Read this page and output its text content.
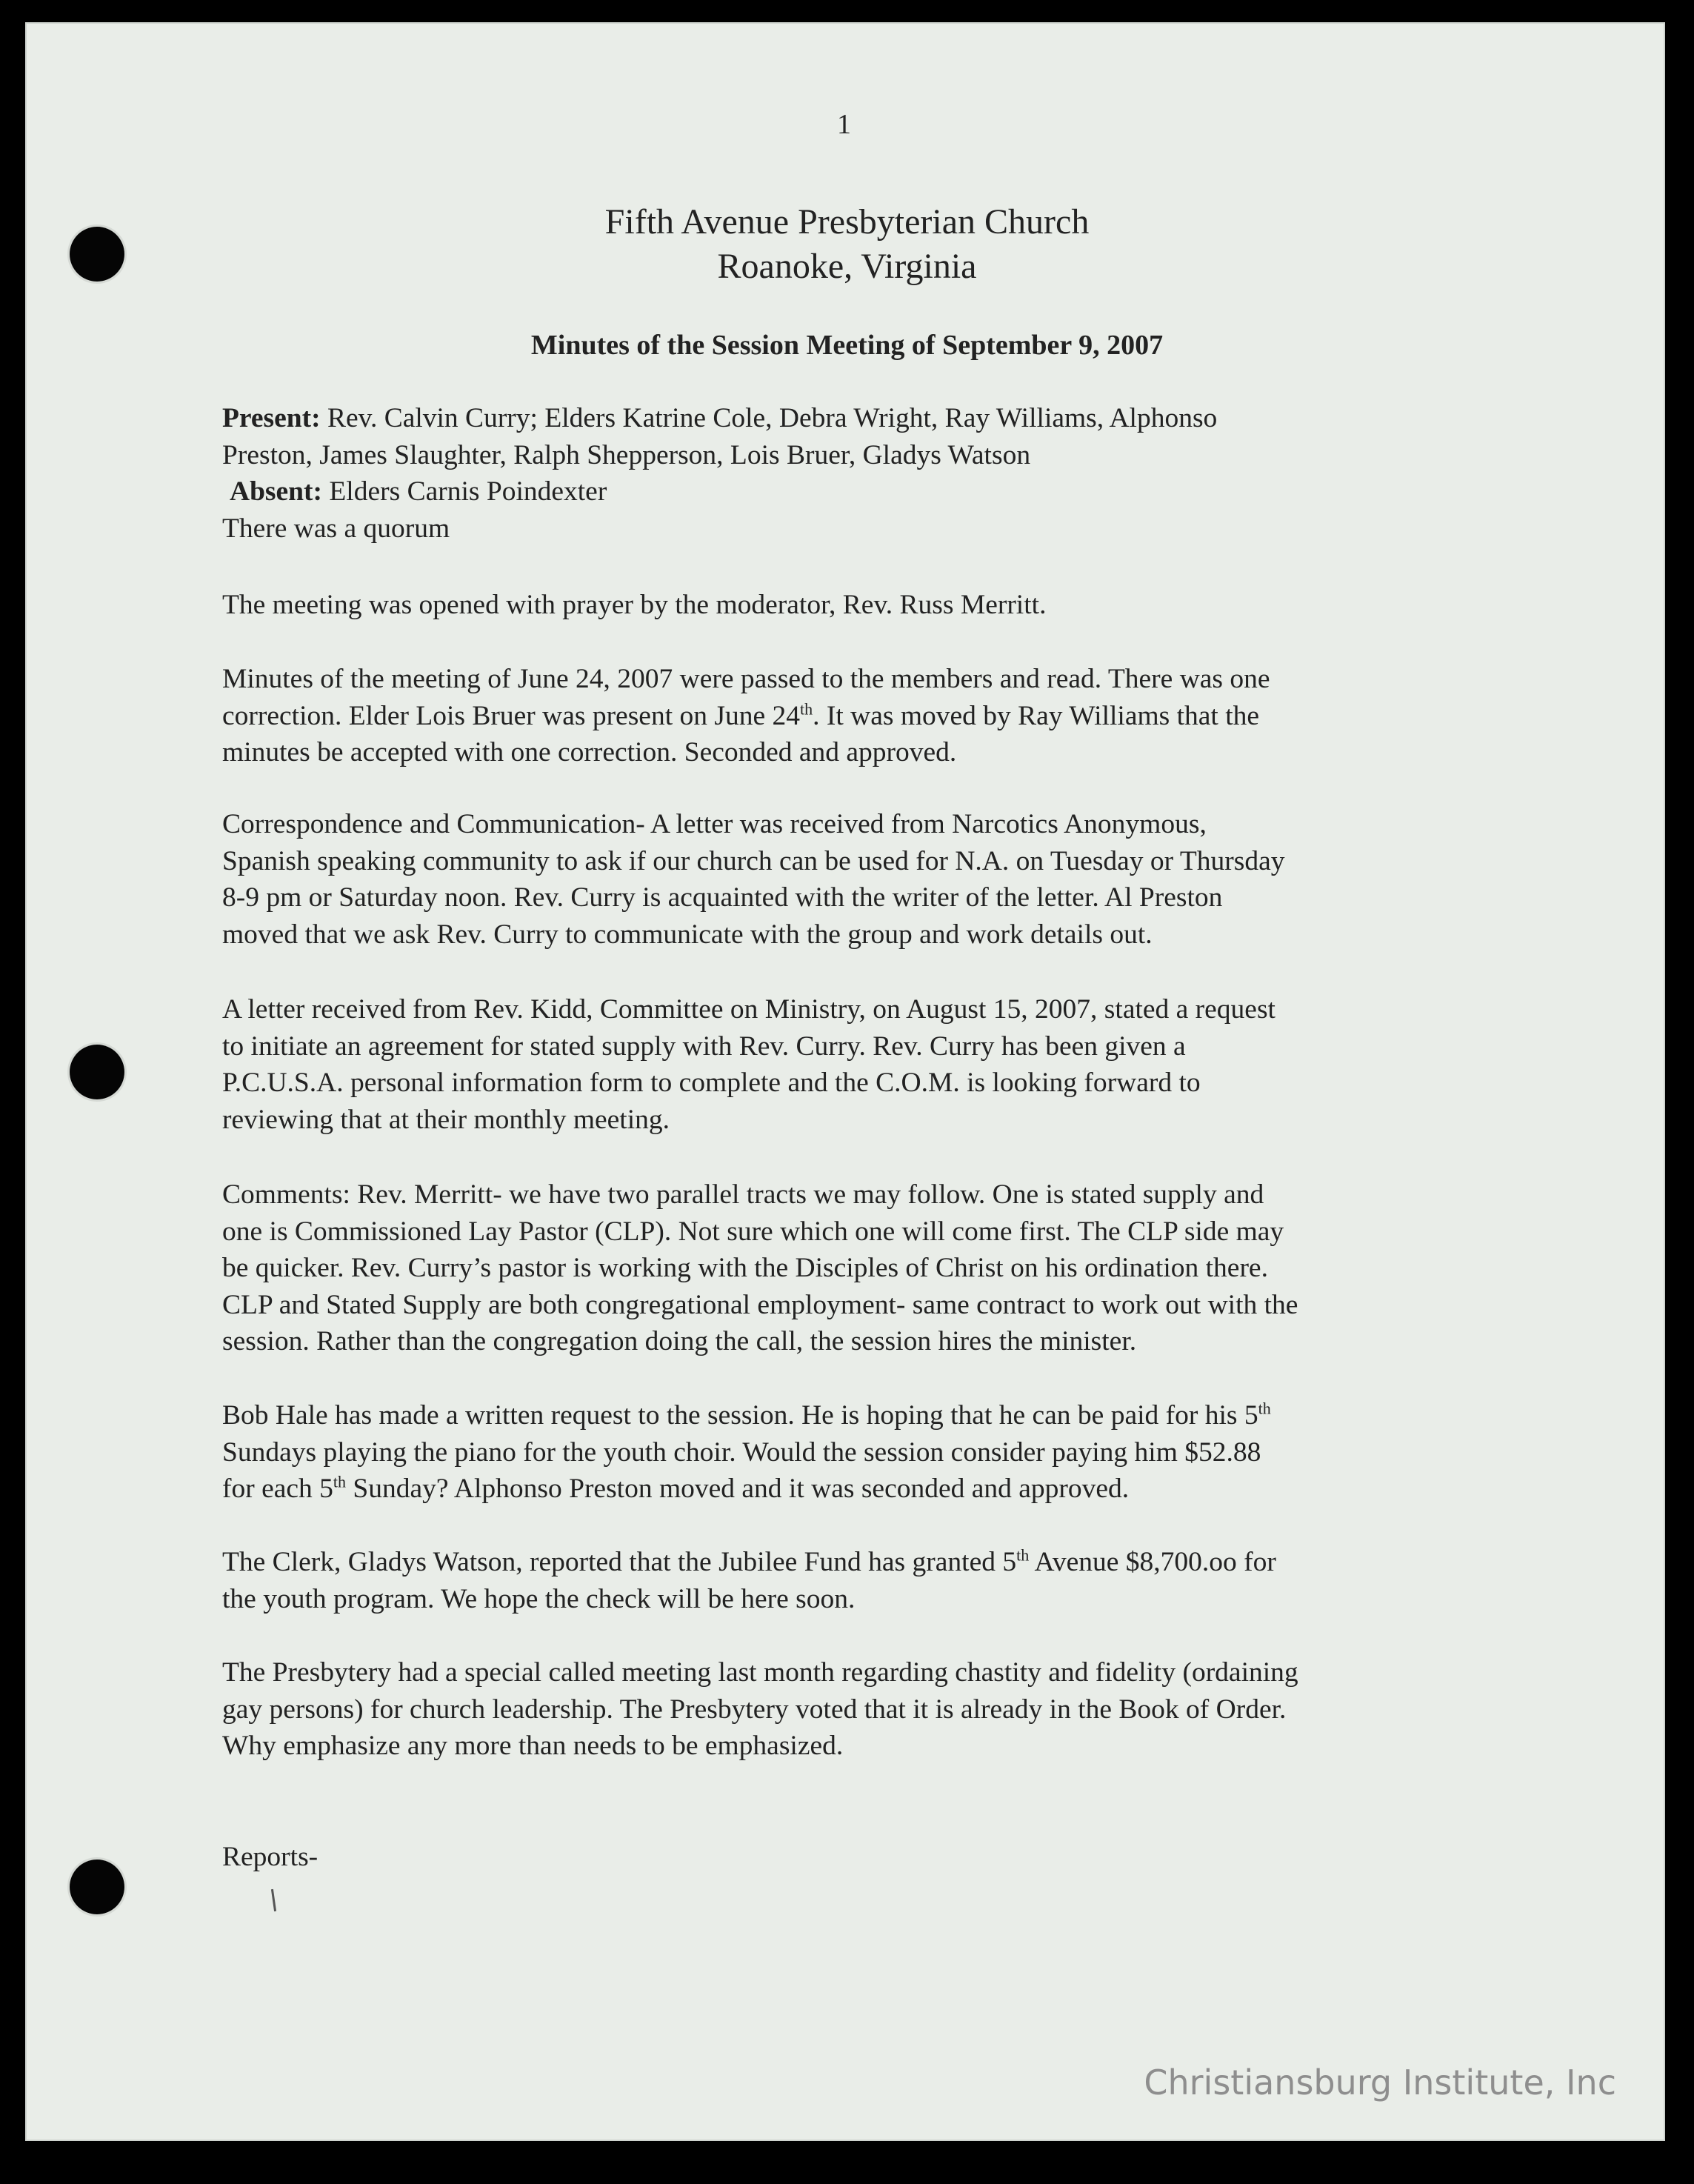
1
Fifth Avenue Presbyterian Church
Roanoke, Virginia
Minutes of the Session Meeting of September 9, 2007
Present: Rev. Calvin Curry; Elders Katrine Cole, Debra Wright, Ray Williams, Alphonso
Preston, James Slaughter, Ralph Shepperson, Lois Bruer, Gladys Watson
Absent: Elders Carnis Poindexter
There was a quorum
The meeting was opened with prayer by the moderator, Rev. Russ Merritt.
Minutes of the meeting of June 24, 2007 were passed to the members and read. There was one
correction. Elder Lois Bruer was present on June 24th. It was moved by Ray Williams that the
minutes be accepted with one correction. Seconded and approved.
Correspondence and Communication- A letter was received from Narcotics Anonymous,
Spanish speaking community to ask if our church can be used for N.A. on Tuesday or Thursday
8-9 pm or Saturday noon. Rev. Curry is acquainted with the writer of the letter. Al Preston
moved that we ask Rev. Curry to communicate with the group and work details out.
A letter received from Rev. Kidd, Committee on Ministry, on August 15, 2007, stated a request
to initiate an agreement for stated supply with Rev. Curry. Rev. Curry has been given a
P.C.U.S.A. personal information form to complete and the C.O.M. is looking forward to
reviewing that at their monthly meeting.
Comments: Rev. Merritt- we have two parallel tracts we may follow. One is stated supply and
one is Commissioned Lay Pastor (CLP). Not sure which one will come first. The CLP side may
be quicker. Rev. Curry’s pastor is working with the Disciples of Christ on his ordination there.
CLP and Stated Supply are both congregational employment- same contract to work out with the
session. Rather than the congregation doing the call, the session hires the minister.
Bob Hale has made a written request to the session. He is hoping that he can be paid for his 5th
Sundays playing the piano for the youth choir. Would the session consider paying him $52.88
for each 5th Sunday? Alphonso Preston moved and it was seconded and approved.
The Clerk, Gladys Watson, reported that the Jubilee Fund has granted 5th Avenue $8,700.oo for
the youth program. We hope the check will be here soon.
The Presbytery had a special called meeting last month regarding chastity and fidelity (ordaining
gay persons) for church leadership. The Presbytery voted that it is already in the Book of Order.
Why emphasize any more than needs to be emphasized.
Reports-
Christiansburg Institute, Inc
